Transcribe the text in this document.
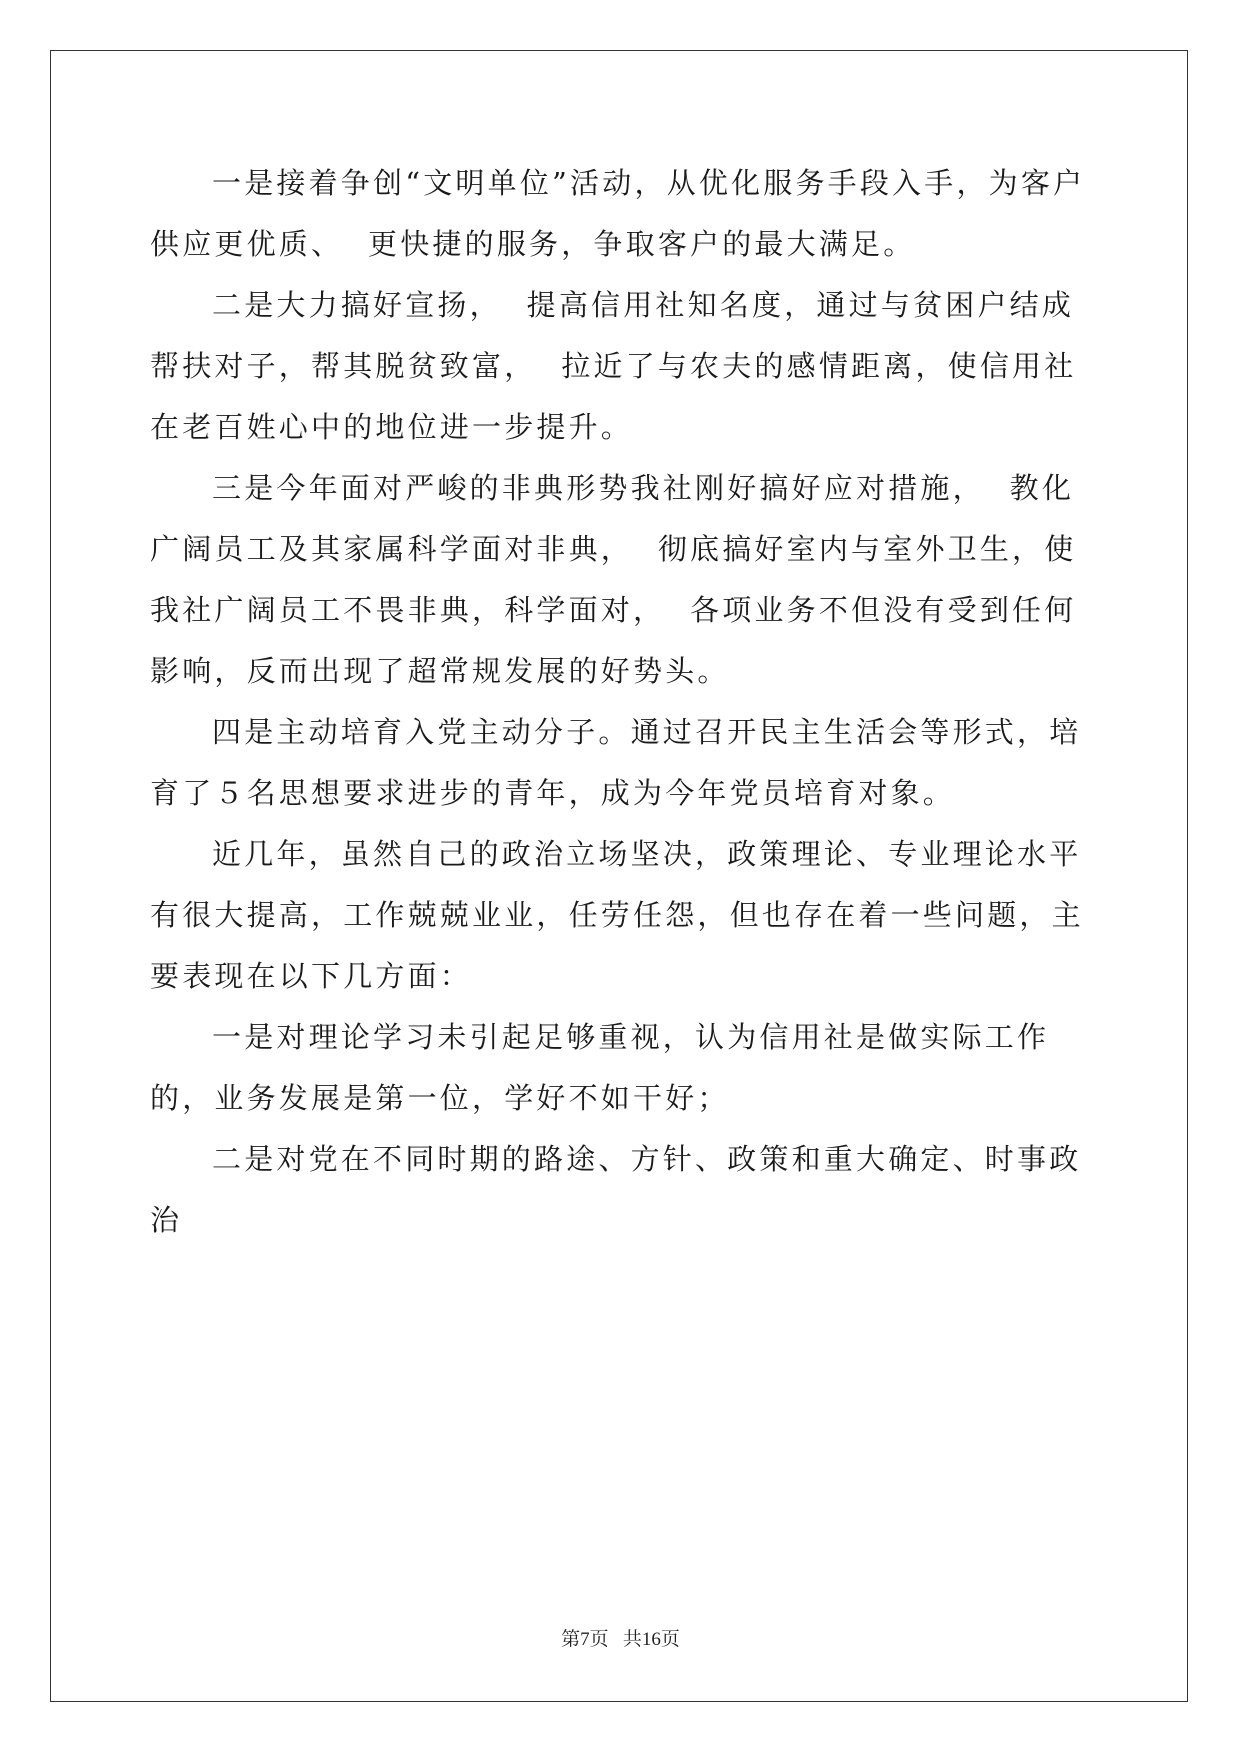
一是接着争创“文明单位”活动，从优化服务手段入手，为客户供应更优质、  更快捷的服务，争取客户的最大满足。

二是大力搞好宣扬，  提高信用社知名度，通过与贫困户结成帮扶对子，帮其脱贫致富，  拉近了与农夫的感情距离，使信用社在老百姓心中的地位进一步提升。

三是今年面对严峻的非典形势我社刚好搞好应对措施，  教化广阔员工及其家属科学面对非典，  彻底搞好室内与室外卫生，使我社广阔员工不畏非典，科学面对，  各项业务不但没有受到任何影响，反而出现了超常规发展的好势头。

四是主动培育入党主动分子。通过召开民主生活会等形式，培育了５名思想要求进步的青年，成为今年党员培育对象。

近几年，虽然自己的政治立场坚决，政策理论、专业理论水平有很大提高，工作兢兢业业，任劳任怨，但也存在着一些问题，主要表现在以下几方面：

一是对理论学习未引起足够重视，认为信用社是做实际工作的，业务发展是第一位，学好不如干好；

二是对党在不同时期的路途、方针、政策和重大确定、时事政治

第7页   共16页
